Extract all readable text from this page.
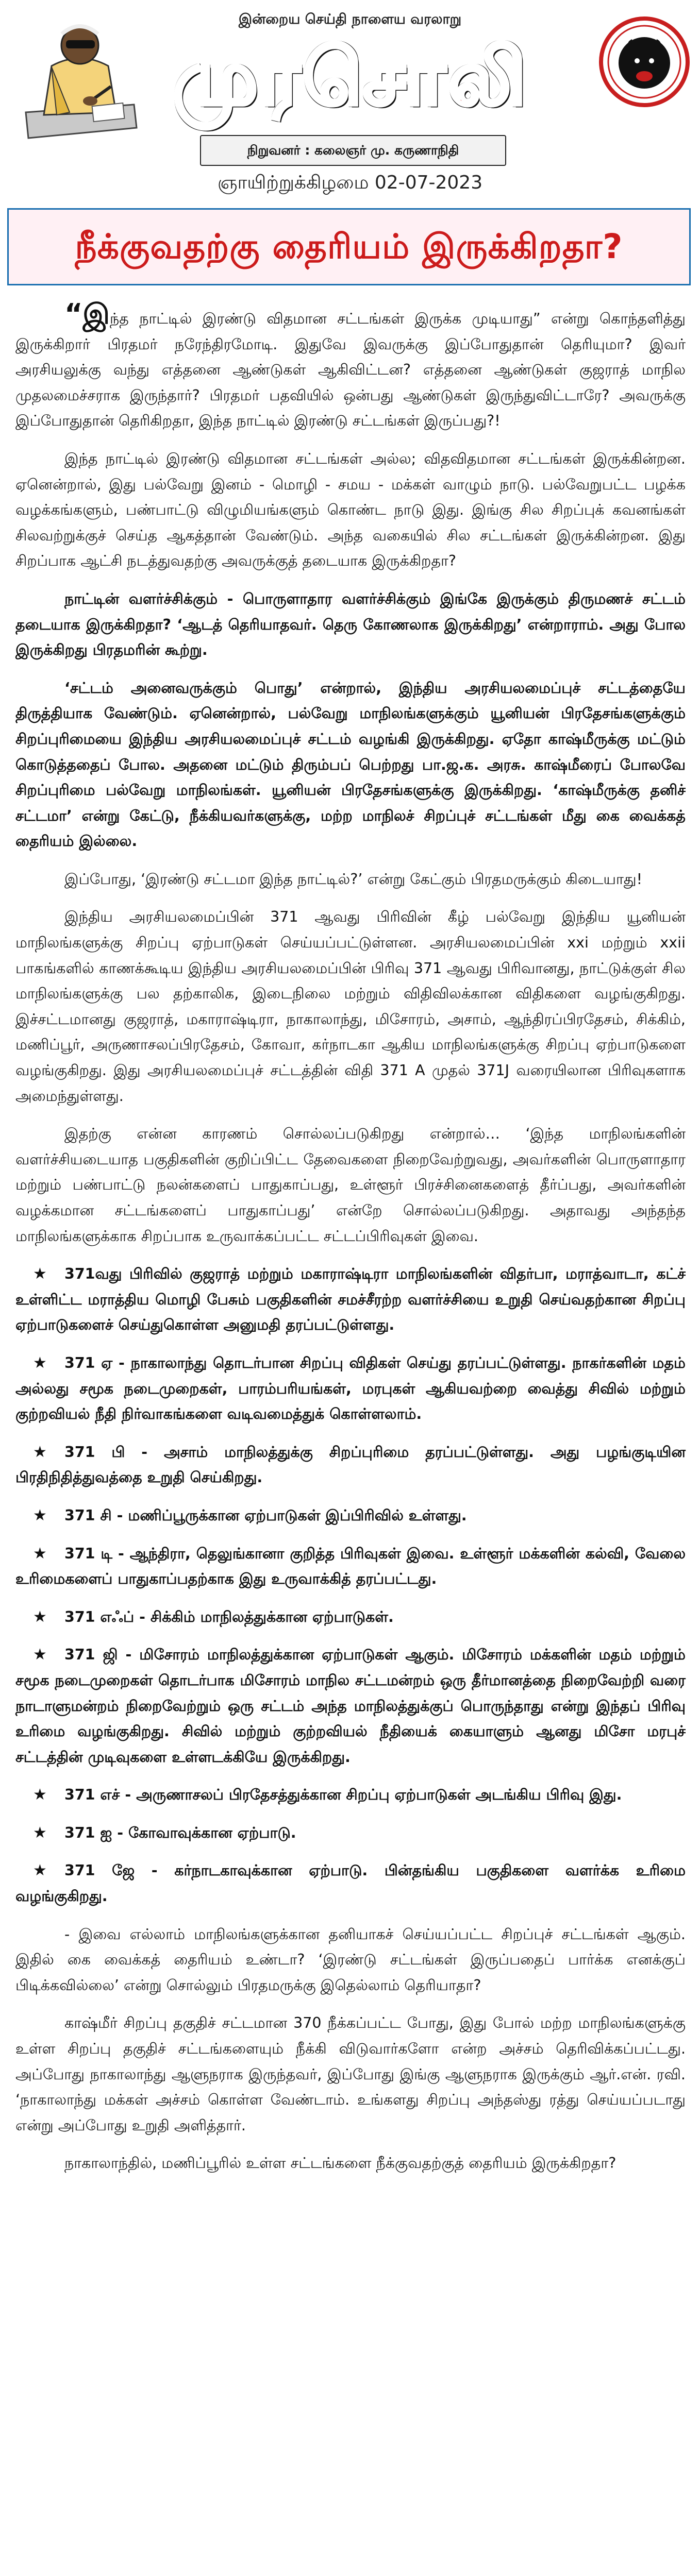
இன்றைய செய்தி நாளைய வரலாறு
முரசொலி
நிறுவனர் : கலைஞர் மு. கருணாநிதி
ஞாயிற்றுக்கிழமை 02-07-2023
நீக்குவதற்கு தைரியம் இருக்கிறதா?

“இந்த நாட்டில் இரண்டு விதமான சட்டங்கள் இருக்க முடியாது” என்று கொந்தளித்து இருக்கிறார் பிரதமர் நரேந்திரமோடி. இதுவே இவருக்கு இப்போதுதான் தெரியுமா? இவர் அரசியலுக்கு வந்து எத்தனை ஆண்டுகள் ஆகிவிட்டன? எத்தனை ஆண்டுகள் குஜராத் மாநில முதலமைச்சராக இருந்தார்? பிரதமர் பதவியில் ஒன்பது ஆண்டுகள் இருந்துவிட்டாரே? அவருக்கு இப்போதுதான் தெரிகிறதா, இந்த நாட்டில் இரண்டு சட்டங்கள் இருப்பது?!

இந்த நாட்டில் இரண்டு விதமான சட்டங்கள் அல்ல; விதவிதமான சட்டங்கள் இருக்கின்றன. ஏனென்றால், இது பல்வேறு இனம் - மொழி - சமய - மக்கள் வாழும் நாடு. பல்வேறுபட்ட பழக்க வழக்கங்களும், பண்பாட்டு விழுமியங்களும் கொண்ட நாடு இது. இங்கு சில சிறப்புக் கவனங்கள் சிலவற்றுக்குச் செய்த ஆகத்தான் வேண்டும். அந்த வகையில் சில சட்டங்கள் இருக்கின்றன. இது சிறப்பாக ஆட்சி நடத்துவதற்கு அவருக்குத் தடையாக இருக்கிறதா?

நாட்டின் வளர்ச்சிக்கும் - பொருளாதார வளர்ச்சிக்கும் இங்கே இருக்கும் திருமணச் சட்டம் தடையாக இருக்கிறதா? ‘ஆடத் தெரியாதவர். தெரு கோணலாக இருக்கிறது’ என்றாராம். அது போல இருக்கிறது பிரதமரின் கூற்று.

‘சட்டம் அனைவருக்கும் பொது’ என்றால், இந்திய அரசியலமைப்புச் சட்டத்தையே திருத்தியாக வேண்டும். ஏனென்றால், பல்வேறு மாநிலங்களுக்கும் யூனியன் பிரதேசங்களுக்கும் சிறப்புரிமையை இந்திய அரசியலமைப்புச் சட்டம் வழங்கி இருக்கிறது. ஏதோ காஷ்மீருக்கு மட்டும் கொடுத்ததைப் போல. அதனை மட்டும் திரும்பப் பெற்றது பா.ஜ.க. அரசு. காஷ்மீரைப் போலவே சிறப்புரிமை பல்வேறு மாநிலங்கள். யூனியன் பிரதேசங்களுக்கு இருக்கிறது. ‘காஷ்மீருக்கு தனிச் சட்டமா’ என்று கேட்டு, நீக்கியவர்களுக்கு, மற்ற மாநிலச் சிறப்புச் சட்டங்கள் மீது கை வைக்கத் தைரியம் இல்லை.

இப்போது, ‘இரண்டு சட்டமா இந்த நாட்டில்?’ என்று கேட்கும் பிரதமருக்கும் கிடையாது!

இந்திய அரசியலமைப்பின் 371 ஆவது பிரிவின் கீழ் பல்வேறு இந்திய யூனியன் மாநிலங்களுக்கு சிறப்பு ஏற்பாடுகள் செய்யப்பட்டுள்ளன. அரசியலமைப்பின் xxi மற்றும் xxii பாகங்களில் காணக்கூடிய இந்திய அரசியலமைப்பின் பிரிவு 371 ஆவது பிரிவானது, நாட்டுக்குள் சில மாநிலங்களுக்கு பல தற்காலிக, இடைநிலை மற்றும் விதிவிலக்கான விதிகளை வழங்குகிறது. இச்சட்டமானது குஜராத், மகாராஷ்டிரா, நாகாலாந்து, மிசோரம், அசாம், ஆந்திரப்பிரதேசம், சிக்கிம், மணிப்பூர், அருணாசலப்பிரதேசம், கோவா, கர்நாடகா ஆகிய மாநிலங்களுக்கு சிறப்பு ஏற்பாடுகளை வழங்குகிறது. இது அரசியலமைப்புச் சட்டத்தின் விதி 371 A முதல் 371J வரையிலான பிரிவுகளாக அமைந்துள்ளது.

இதற்கு என்ன காரணம் சொல்லப்படுகிறது என்றால்… ‘இந்த மாநிலங்களின் வளர்ச்சியடையாத பகுதிகளின் குறிப்பிட்ட தேவைகளை நிறைவேற்றுவது, அவர்களின் பொருளாதார மற்றும் பண்பாட்டு நலன்களைப் பாதுகாப்பது, உள்ளூர் பிரச்சினைகளைத் தீர்ப்பது, அவர்களின் வழக்கமான சட்டங்களைப் பாதுகாப்பது’ என்றே சொல்லப்படுகிறது. அதாவது அந்தந்த மாநிலங்களுக்காக சிறப்பாக உருவாக்கப்பட்ட சட்டப்பிரிவுகள் இவை.

★ 371வது பிரிவில் குஜராத் மற்றும் மகாராஷ்டிரா மாநிலங்களின் விதர்பா, மராத்வாடா, கட்ச் உள்ளிட்ட மராத்திய மொழி பேசும் பகுதிகளின் சமச்சீரற்ற வளர்ச்சியை உறுதி செய்வதற்கான சிறப்பு ஏற்பாடுகளைச் செய்துகொள்ள அனுமதி தரப்பட்டுள்ளது.

★ 371 ஏ - நாகாலாந்து தொடர்பான சிறப்பு விதிகள் செய்து தரப்பட்டுள்ளது. நாகர்களின் மதம் அல்லது சமூக நடைமுறைகள், பாரம்பரியங்கள், மரபுகள் ஆகியவற்றை வைத்து சிவில் மற்றும் குற்றவியல் நீதி நிர்வாகங்களை வடிவமைத்துக் கொள்ளலாம்.

★ 371 பி - அசாம் மாநிலத்துக்கு சிறப்புரிமை தரப்பட்டுள்ளது. அது பழங்குடியின பிரதிநிதித்துவத்தை உறுதி செய்கிறது.

★ 371 சி - மணிப்பூருக்கான ஏற்பாடுகள் இப்பிரிவில் உள்ளது.

★ 371 டி - ஆந்திரா, தெலுங்கானா குறித்த பிரிவுகள் இவை. உள்ளூர் மக்களின் கல்வி, வேலை உரிமைகளைப் பாதுகாப்பதற்காக இது உருவாக்கித் தரப்பட்டது.

★ 371 எஃப் - சிக்கிம் மாநிலத்துக்கான ஏற்பாடுகள்.

★ 371 ஜி - மிசோரம் மாநிலத்துக்கான ஏற்பாடுகள் ஆகும். மிசோரம் மக்களின் மதம் மற்றும் சமூக நடைமுறைகள் தொடர்பாக மிசோரம் மாநில சட்டமன்றம் ஒரு தீர்மானத்தை நிறைவேற்றி வரை நாடாளுமன்றம் நிறைவேற்றும் ஒரு சட்டம் அந்த மாநிலத்துக்குப் பொருந்தாது என்று இந்தப் பிரிவு உரிமை வழங்குகிறது. சிவில் மற்றும் குற்றவியல் நீதியைக் கையாளும் ஆனது மிசோ மரபுச் சட்டத்தின் முடிவுகளை உள்ளடக்கியே இருக்கிறது.

★ 371 எச் - அருணாசலப் பிரதேசத்துக்கான சிறப்பு ஏற்பாடுகள் அடங்கிய பிரிவு இது.

★ 371 ஐ - கோவாவுக்கான ஏற்பாடு.

★ 371 ஜே - கர்நாடகாவுக்கான ஏற்பாடு. பின்தங்கிய பகுதிகளை வளர்க்க உரிமை வழங்குகிறது.

- இவை எல்லாம் மாநிலங்களுக்கான தனியாகச் செய்யப்பட்ட சிறப்புச் சட்டங்கள் ஆகும். இதில் கை வைக்கத் தைரியம் உண்டா? ‘இரண்டு சட்டங்கள் இருப்பதைப் பார்க்க எனக்குப் பிடிக்கவில்லை’ என்று சொல்லும் பிரதமருக்கு இதெல்லாம் தெரியாதா?

காஷ்மீர் சிறப்பு தகுதிச் சட்டமான 370 நீக்கப்பட்ட போது, இது போல் மற்ற மாநிலங்களுக்கு உள்ள சிறப்பு தகுதிச் சட்டங்களையும் நீக்கி விடுவார்களோ என்ற அச்சம் தெரிவிக்கப்பட்டது. அப்போது நாகாலாந்து ஆளுநராக இருந்தவர், இப்போது இங்கு ஆளுநராக இருக்கும் ஆர்.என். ரவி. ‘நாகாலாந்து மக்கள் அச்சம் கொள்ள வேண்டாம். உங்களது சிறப்பு அந்தஸ்து ரத்து செய்யப்படாது என்று அப்போது உறுதி அளித்தார்.

நாகாலாந்தில், மணிப்பூரில் உள்ள சட்டங்களை நீக்குவதற்குத் தைரியம் இருக்கிறதா?
